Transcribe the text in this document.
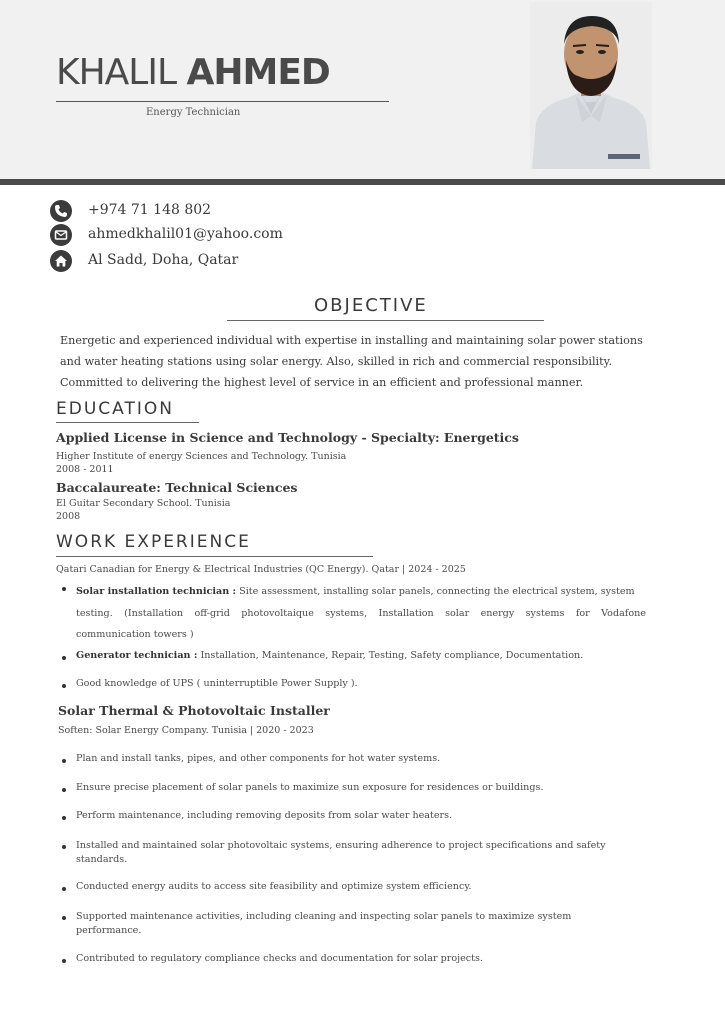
KHALIL AHMED
Energy Technician
+974 71 148 802
ahmedkhalil01@yahoo.com
Al Sadd, Doha, Qatar
OBJECTIVE
Energetic and experienced individual with expertise in installing and maintaining solar power stations
and water heating stations using solar energy. Also, skilled in rich and commercial responsibility.
Committed to delivering the highest level of service in an efficient and professional manner.
EDUCATION
Applied License in Science and Technology - Specialty: Energetics
Higher Institute of energy Sciences and Technology. Tunisia
2008 - 2011
Baccalaureate: Technical Sciences
El Guitar Secondary School. Tunisia
2008
WORK EXPERIENCE
Qatari Canadian for Energy & Electrical Industries (QC Energy). Qatar | 2024 - 2025
Solar installation technician : Site assessment, installing solar panels, connecting the electrical system, system
testing. (Installation off-grid photovoltaique systems, Installation solar energy systems for Vodafone
communication towers )
Generator technician : Installation, Maintenance, Repair, Testing, Safety compliance, Documentation.
Good knowledge of UPS ( uninterruptible Power Supply ).
Solar Thermal & Photovoltaic Installer
Soften: Solar Energy Company. Tunisia | 2020 - 2023
Plan and install tanks, pipes, and other components for hot water systems.
Ensure precise placement of solar panels to maximize sun exposure for residences or buildings.
Perform maintenance, including removing deposits from solar water heaters.
Installed and maintained solar photovoltaic systems, ensuring adherence to project specifications and safety
standards.
Conducted energy audits to access site feasibility and optimize system efficiency.
Supported maintenance activities, including cleaning and inspecting solar panels to maximize system
performance.
Contributed to regulatory compliance checks and documentation for solar projects.
